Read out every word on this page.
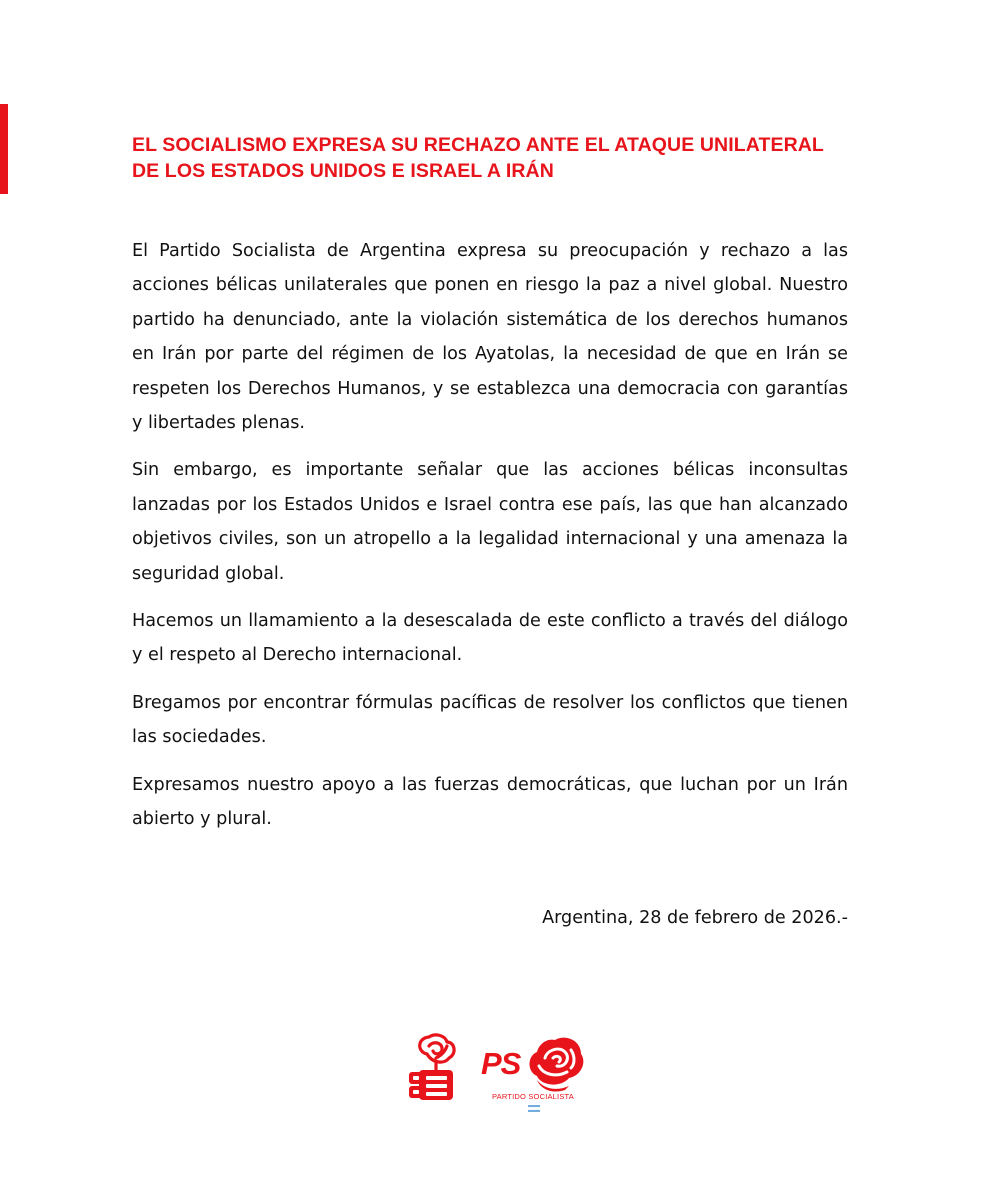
EL SOCIALISMO EXPRESA SU RECHAZO ANTE EL ATAQUE UNILATERAL DE LOS ESTADOS UNIDOS E ISRAEL A IRÁN

El Partido Socialista de Argentina expresa su preocupación y rechazo a las acciones bélicas unilaterales que ponen en riesgo la paz a nivel global. Nuestro partido ha denunciado, ante la violación sistemática de los derechos humanos en Irán por parte del régimen de los Ayatolas, la necesidad de que en Irán se respeten los Derechos Humanos, y se establezca una democracia con garantías y libertades plenas.

Sin embargo, es importante señalar que las acciones bélicas inconsultas lanzadas por los Estados Unidos e Israel contra ese país, las que han alcanzado objetivos civiles, son un atropello a la legalidad internacional y una amenaza la seguridad global.

Hacemos un llamamiento a la desescalada de este conflicto a través del diálogo y el respeto al Derecho internacional.

Bregamos por encontrar fórmulas pacíficas de resolver los conflictos que tienen las sociedades.

Expresamos nuestro apoyo a las fuerzas democráticas, que luchan por un Irán abierto y plural.

Argentina, 28 de febrero de 2026.-

PS
PARTIDO SOCIALISTA
